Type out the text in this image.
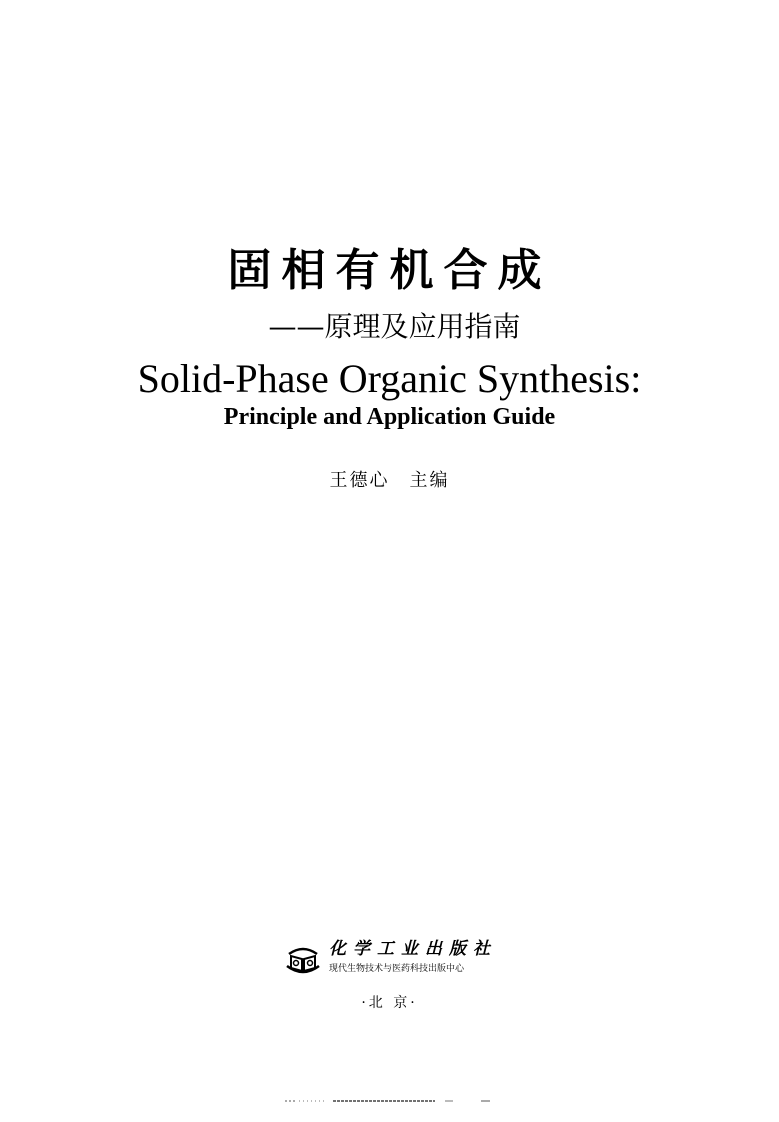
固相有机合成
——原理及应用指南
Solid-Phase Organic Synthesis:
Principle and Application Guide
王德心 主编
化学工业出版社
现代生物技术与医药科技出版中心
·北 京·
